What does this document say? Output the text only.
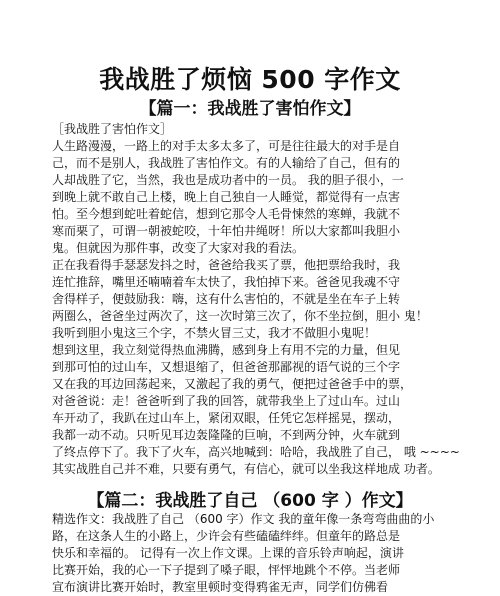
我战胜了烦恼 500 字作文
【篇一：我战胜了害怕作文】
［我战胜了害怕作文］
人生路漫漫，一路上的对手太多太多了，可是往往最大的对手是自
己，而不是别人，我战胜了害怕作文。有的人输给了自己，但有的
人却战胜了它，当然，我也是成功者中的一员。 我的胆子很小，一
到晚上就不敢自己上楼，晚上自己独自一人睡觉，都觉得有一点害
怕。至今想到蛇吐着蛇信，想到它那令人毛骨悚然的寒蝉，我就不
寒而栗了，可谓一朝被蛇咬，十年怕井绳呀！所以大家都叫我胆小
鬼。但就因为那件事，改变了大家对我的看法。
正在我看得手瑟瑟发抖之时，爸爸给我买了票，他把票给我时，我
连忙推辞，嘴里还喃喃着车太快了，我怕掉下来。爸爸见我魂不守
舍得样子，便鼓励我：嗨，这有什么害怕的，不就是坐在车子上转
两圈么，爸爸坐过两次了，这一次时第三次了，你不坐拉倒，胆小 鬼！
我听到胆小鬼这三个字，不禁火冒三丈，我才不做胆小鬼呢！
想到这里，我立刻觉得热血沸腾，感到身上有用不完的力量，但见
到那可怕的过山车，又想退缩了，但爸爸那鄙视的语气说的三个字
又在我的耳边回荡起来，又激起了我的勇气，便把过爸爸手中的票，
对爸爸说：走！爸爸听到了我的回答，就带我坐上了过山车。过山
车开动了，我趴在过山车上，紧闭双眼，任凭它怎样摇晃，摆动，
我都一动不动。只听见耳边轰隆隆的巨响，不到两分钟，火车就到
了终点停下了。我下了火车，高兴地喊到：哈哈，我战胜了自己， 哦 ~~~~
其实战胜自己并不难，只要有勇气，有信心，就可以坐我这样地成 功者。
【篇二：我战胜了自己 （600 字 ）作文】
精选作文：我战胜了自己 （600 字）作文 我的童年像一条弯弯曲曲的小
路，在这条人生的小路上，少许会有些磕磕绊绊。但童年的路总是
快乐和幸福的。 记得有一次上作文课。上课的音乐铃声响起，演讲
比赛开始，我的心一下子提到了嗓子眼，怦怦地跳个不停。当老师
宣布演讲比赛开始时，教室里顿时变得鸦雀无声，同学们仿佛看
